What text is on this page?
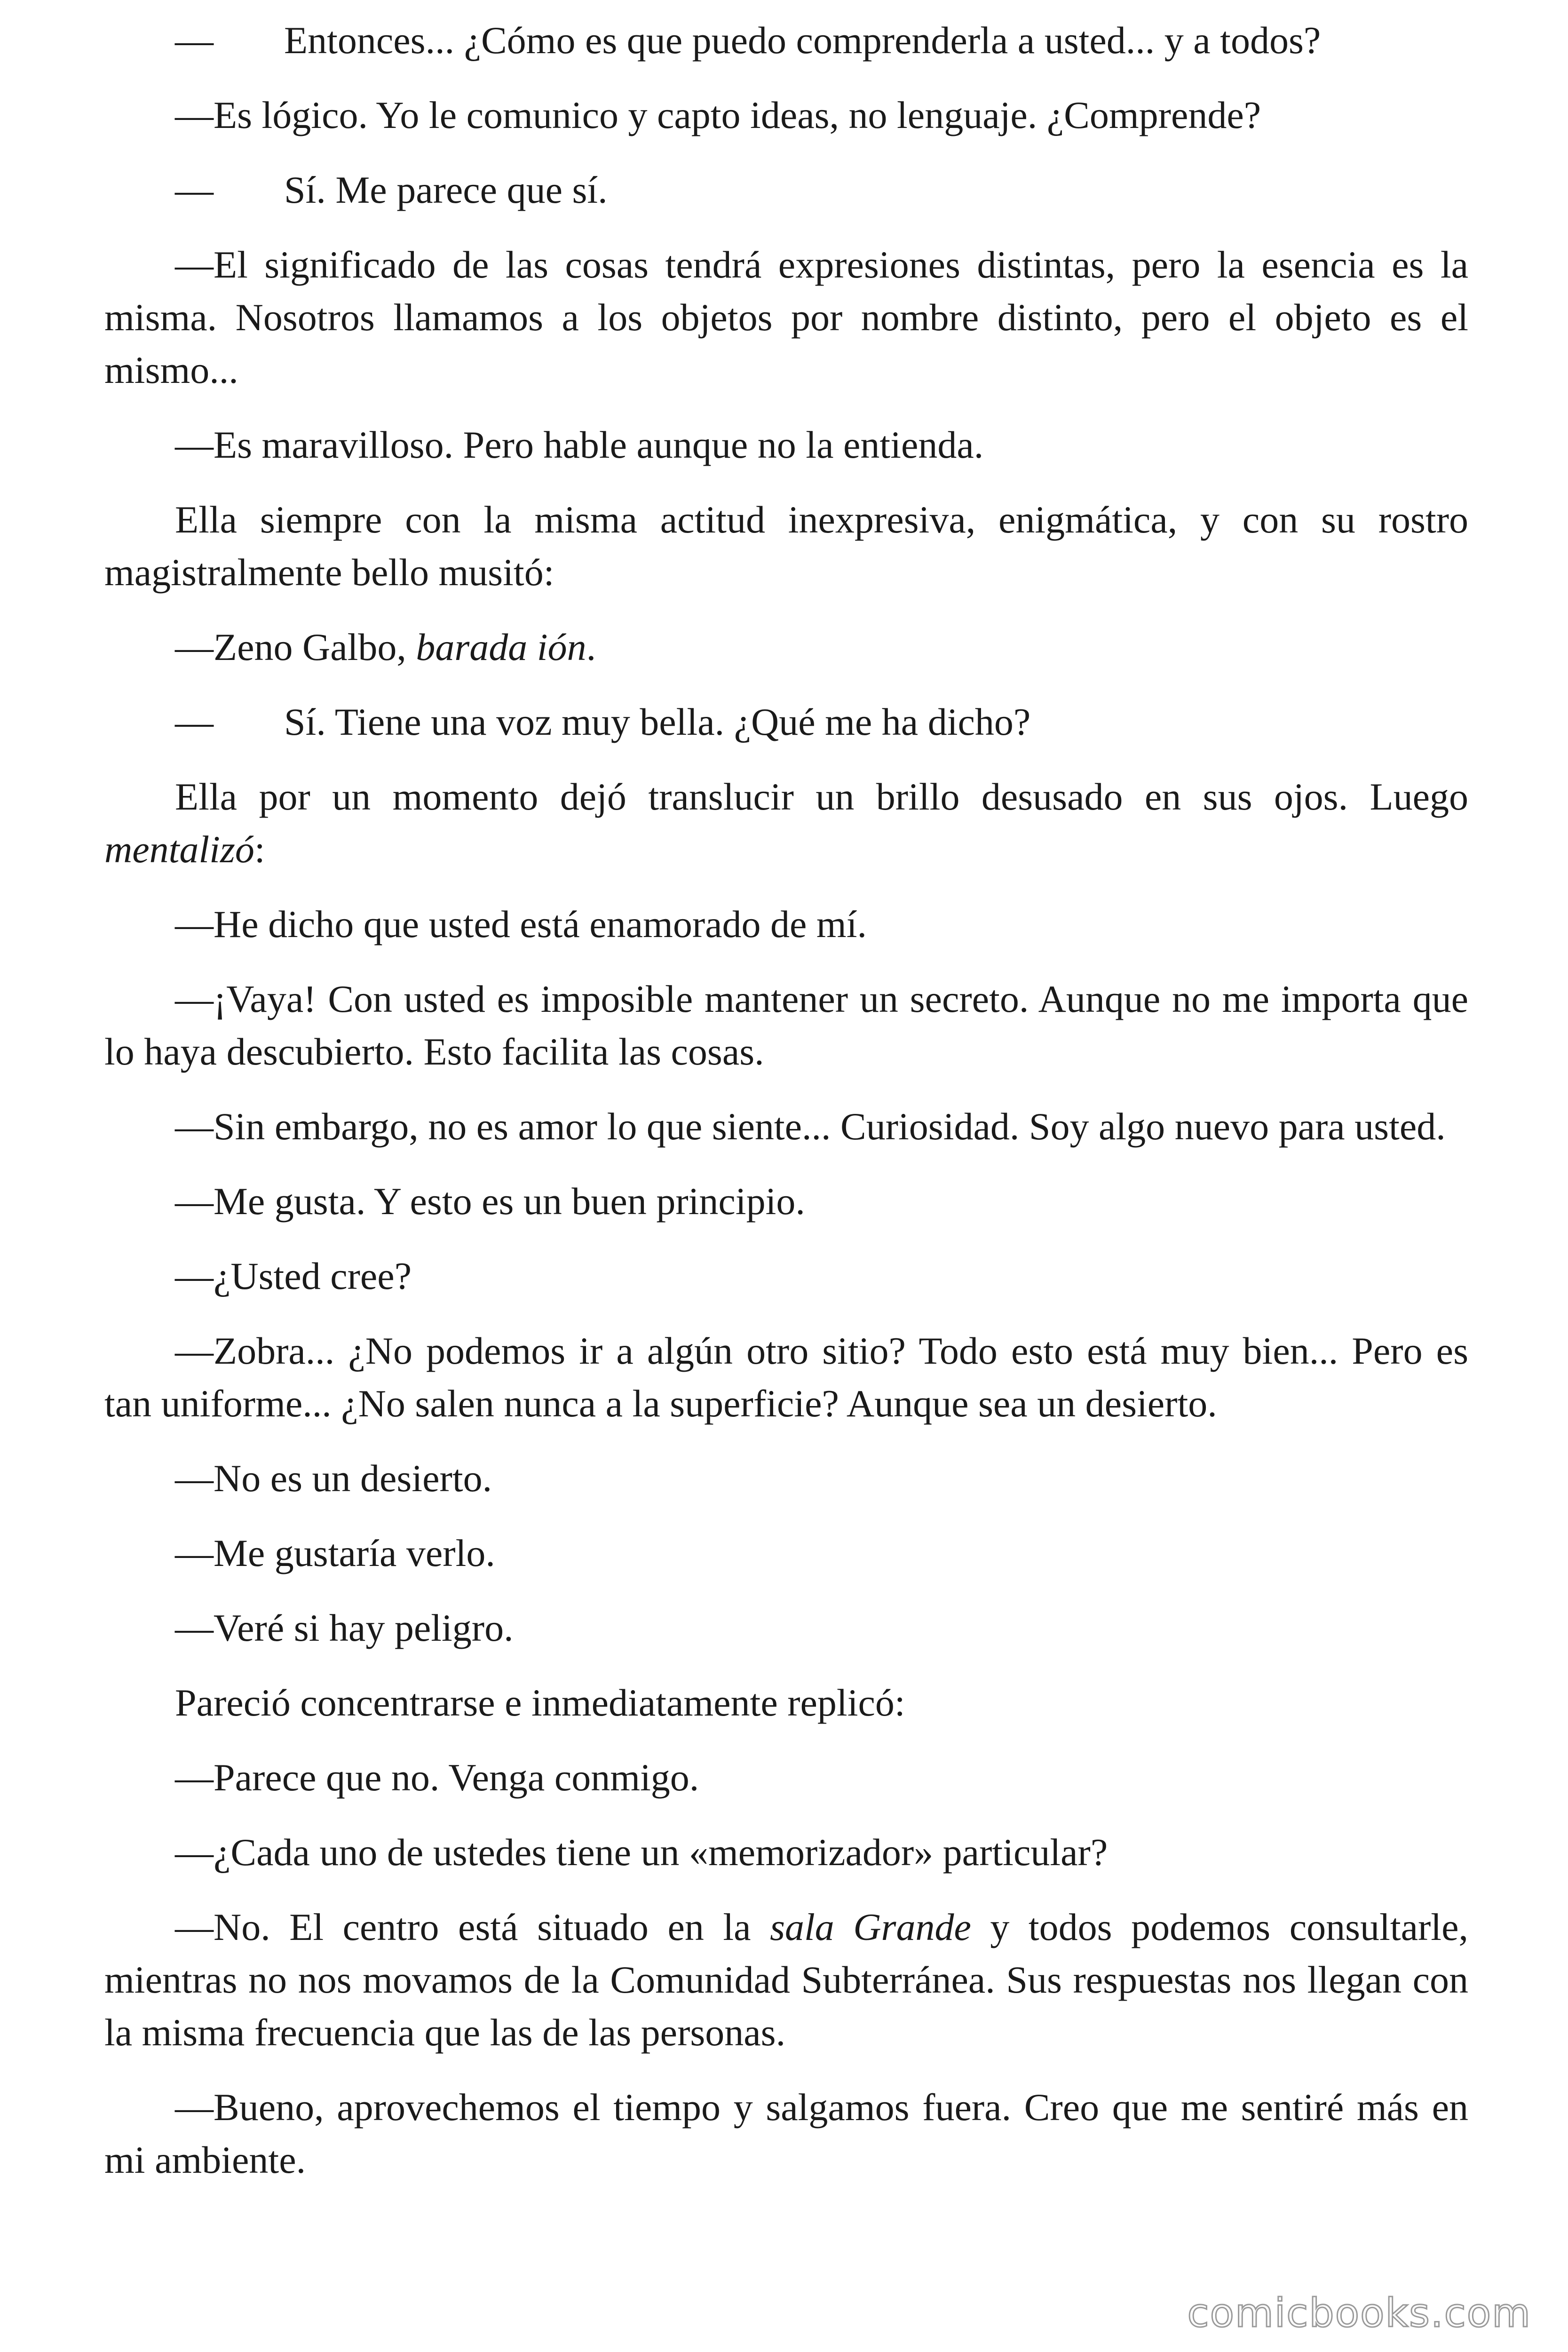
— Entonces... ¿Cómo es que puedo comprenderla a usted... y a todos?

—Es lógico. Yo le comunico y capto ideas, no lenguaje. ¿Comprende?

— Sí. Me parece que sí.

—El significado de las cosas tendrá expresiones distintas, pero la esencia es la misma. Nosotros llamamos a los objetos por nombre distinto, pero el objeto es el mismo...

—Es maravilloso. Pero hable aunque no la entienda.

Ella siempre con la misma actitud inexpresiva, enigmática, y con su rostro magistralmente bello musitó:

—Zeno Galbo, barada ión.

— Sí. Tiene una voz muy bella. ¿Qué me ha dicho?

Ella por un momento dejó translucir un brillo desusado en sus ojos. Luego mentalizó:

—He dicho que usted está enamorado de mí.

—¡Vaya! Con usted es imposible mantener un secreto. Aunque no me importa que lo haya descubierto. Esto facilita las cosas.

—Sin embargo, no es amor lo que siente... Curiosidad. Soy algo nuevo para usted.

—Me gusta. Y esto es un buen principio.

—¿Usted cree?

—Zobra... ¿No podemos ir a algún otro sitio? Todo esto está muy bien... Pero es tan uniforme... ¿No salen nunca a la superficie? Aunque sea un desierto.

—No es un desierto.

—Me gustaría verlo.

—Veré si hay peligro.

Pareció concentrarse e inmediatamente replicó:

—Parece que no. Venga conmigo.

—¿Cada uno de ustedes tiene un «memorizador» particular?

—No. El centro está situado en la sala Grande y todos podemos consultarle, mientras no nos movamos de la Comunidad Subterránea. Sus respuestas nos llegan con la misma frecuencia que las de las personas.

—Bueno, aprovechemos el tiempo y salgamos fuera. Creo que me sentiré más en mi ambiente.

comicbooks.com
